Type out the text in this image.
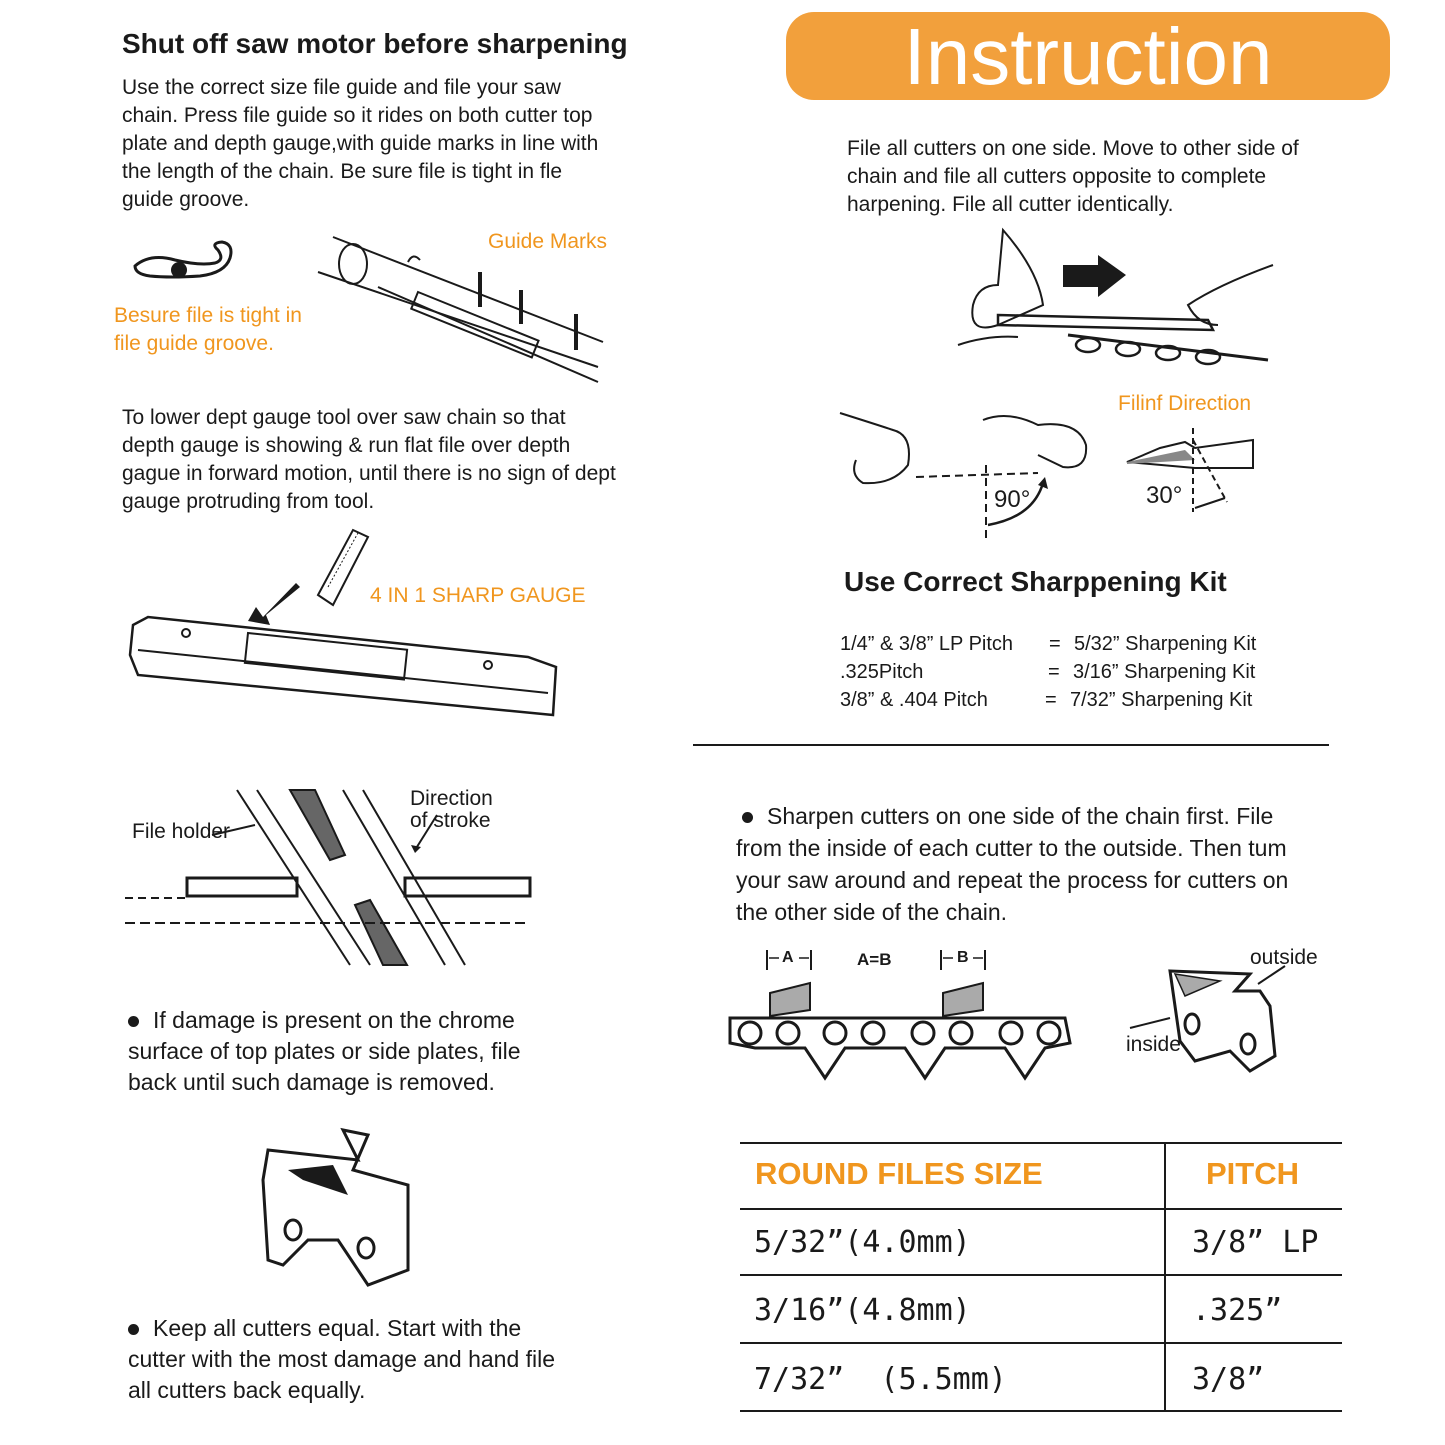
Shut off saw motor before sharpening
Use the correct size file guide and file your saw
chain. Press file guide so it rides on both cutter top
plate and depth gauge,with guide marks in line with
the length of the chain. Be sure file is tight in fle
guide groove.
Besure file is tight in
file guide groove.
Guide Marks
To lower dept gauge tool over saw chain so that
depth gauge is showing & run flat file over depth
gague in forward motion, until there is no sign of dept
gauge protruding from tool.
4 IN 1 SHARP GAUGE
File holder
Direction
of stroke
If damage is present on the chrome
surface of top plates or side plates, file
back until such damage is removed.
Keep all cutters equal. Start with the
cutter with the most damage and hand file
all cutters back equally.
Instruction
File all cutters on one side. Move to other side of
chain and file all cutters opposite to complete
harpening. File all cutter identically.
Filinf Direction
90°	30°
Use Correct Sharppening Kit
1/4” & 3/8” LP Pitch = 5/32” Sharpening Kit
.325Pitch	= 3/16” Sharpening Kit
3/8” & .404 Pitch	= 7/32” Sharpening Kit
Sharpen cutters on one side of the chain first. File
from the inside of each cutter to the outside. Then tum
your saw around and repeat the process for cutters on
the other side of the chain.
A	A=B	B	outside
inside
ROUND FILES SIZE	PITCH
5/32”(4.0mm)	3/8” LP
3/16”(4.8mm)	.325”
7/32”  (5.5mm)	3/8”
